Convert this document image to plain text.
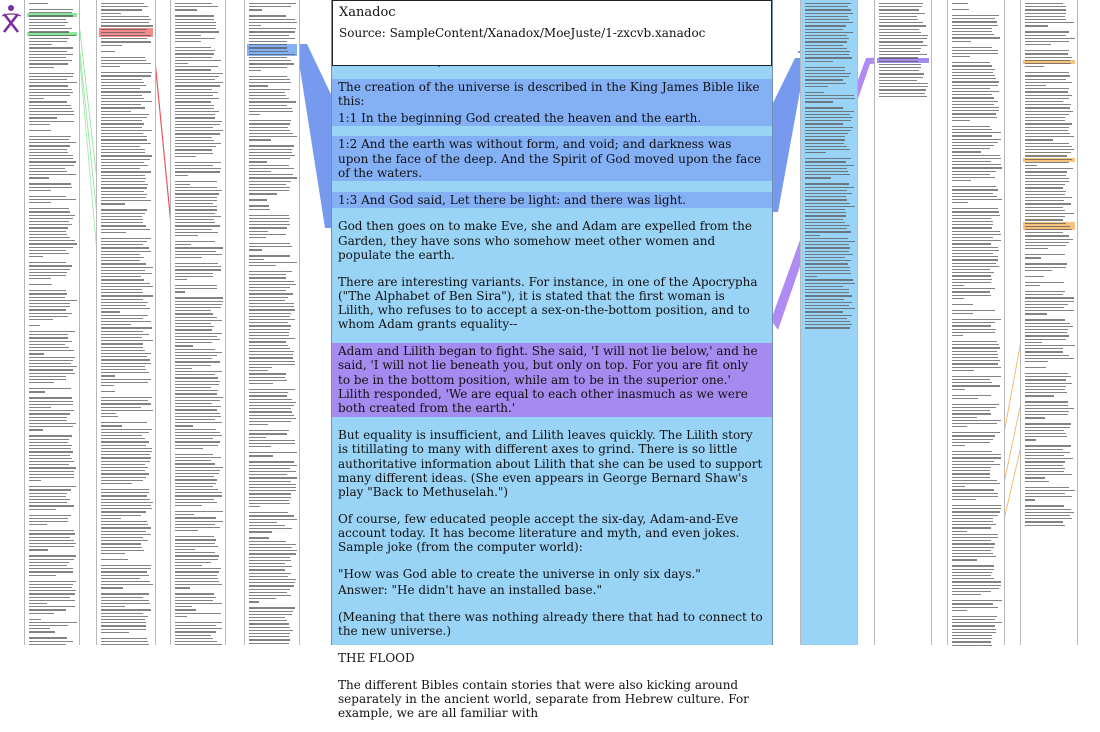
Xanadoc
Source: SampleContent/Xanadox/MoeJuste/1-zxcvb.xanadoc
The creation of the universe is described in the King James Bible like this:
1:1 In the beginning God created the heaven and the earth.
1:2 And the earth was without form, and void; and darkness was upon the face of the deep. And the Spirit of God moved upon the face of the waters.
1:3 And God said, Let there be light: and there was light.
God then goes on to make Eve, she and Adam are expelled from the Garden, they have sons who somehow meet other women and populate the earth.
There are interesting variants. For instance, in one of the Apocrypha ("The Alphabet of Ben Sira"), it is stated that the first woman is Lilith, who refuses to to accept a sex-on-the-bottom position, and to whom Adam grants equality--
Adam and Lilith began to fight. She said, 'I will not lie below,' and he said, 'I will not lie beneath you, but only on top. For you are fit only to be in the bottom position, while am to be in the superior one.' Lilith responded, 'We are equal to each other inasmuch as we were both created from the earth.'
But equality is insufficient, and Lilith leaves quickly. The Lilith story is titillating to many with different axes to grind. There is so little authoritative information about Lilith that she can be used to support many different ideas. (She even appears in George Bernard Shaw's play "Back to Methuselah.")
Of course, few educated people accept the six-day, Adam-and-Eve account today. It has become literature and myth, and even jokes. Sample joke (from the computer world):
"How was God able to create the universe in only six days."
Answer: "He didn't have an installed base."
(Meaning that there was nothing already there that had to connect to the new universe.)
THE FLOOD
The different Bibles contain stories that were also kicking around separately in the ancient world, separate from Hebrew culture. For example, we are all familiar with
